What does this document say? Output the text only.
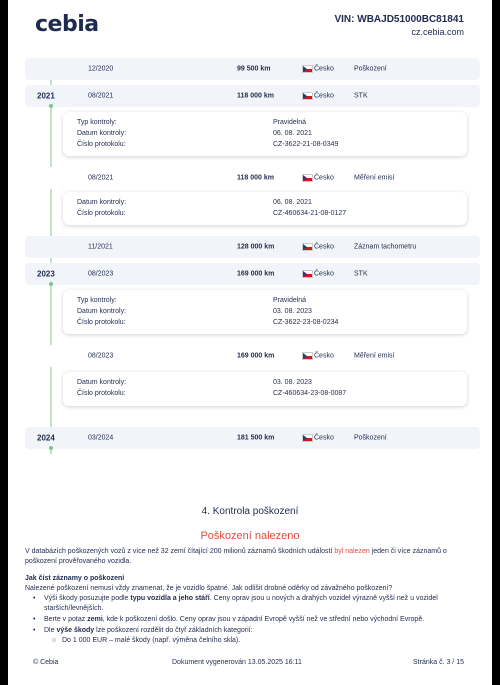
cebia	VIN: WBAJD51000BC81841
cz.cebia.com
12/2020	99 500 km	Česko	Poškození
2021	08/2021	118 000 km	Česko	STK
Typ kontroly:	Pravidelná
Datum kontroly:	06. 08. 2021
Číslo protokolu:	CZ-3622-21-08-0349
08/2021	118 000 km	Česko	Měření emisí
Datum kontroly:	06. 08. 2021
Číslo protokolu:	CZ-460634-21-08-0127
11/2021	128 000 km	Česko	Záznam tachometru
2023	08/2023	169 000 km	Česko	STK
Typ kontroly:	Pravidelná
Datum kontroly:	03. 08. 2023
Číslo protokolu:	CZ-3622-23-08-0234
08/2023	169 000 km	Česko	Měření emisí
Datum kontroly:	03. 08. 2023
Číslo protokolu:	CZ-460634-23-08-0087
2024	03/2024	181 500 km	Česko	Poškození
4. Kontrola poškození
Poškození nalezeno
V databázích poškozených vozů z více než 32 zemí čítající 200 milionů záznamů škodních událostí byl nalezen jeden či více záznamů o
poškození prověřovaného vozidla.
Jak číst záznamy o poškození
Nalezené poškození nemusí vždy znamenat, že je vozidlo špatné. Jak odlišit drobné oděrky od závažného poškození?
• Výši škody posuzujte podle typu vozidla a jeho stáří. Ceny oprav jsou u nových a drahých vozidel výrazně vyšší než u vozidel
starších/levnějších.
• Berte v potaz zemi, kde k poškození došlo. Ceny oprav jsou v západní Evropě vyšší než ve střední nebo východní Evropě.
• Dle výše škody lze poškození rozdělit do čtyř základních kategorií:
○ Do 1 000 EUR – malé škody (např. výměna čelního skla).
© Cebia	Dokument vygenerován 13.05.2025 16:11	Stránka č. 3 / 15
